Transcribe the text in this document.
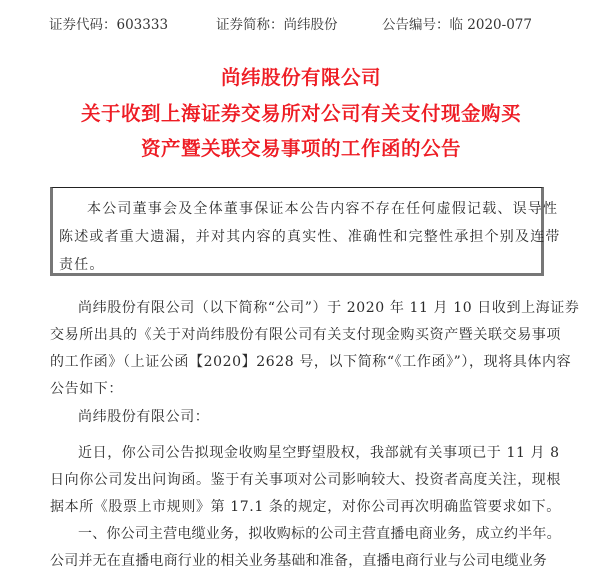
证券代码：603333	证券简称：尚纬股份	公告编号：临 2020-077
尚纬股份有限公司
关于收到上海证券交易所对公司有关支付现金购买
资产暨关联交易事项的工作函的公告
本公司董事会及全体董事保证本公告内容不存在任何虚假记载、误导性
陈述或者重大遗漏，并对其内容的真实性、准确性和完整性承担个别及连带
责任。
尚纬股份有限公司（以下简称“公司”）于 2020 年 11 月 10 日收到上海证券
交易所出具的《关于对尚纬股份有限公司有关支付现金购买资产暨关联交易事项
的工作函》（上证公函【2020】2628 号，以下简称“《工作函》”），现将具体内容
公告如下：
尚纬股份有限公司：
近日，你公司公告拟现金收购星空野望股权，我部就有关事项已于 11 月 8
日向你公司发出问询函。鉴于有关事项对公司影响较大、投资者高度关注，现根
据本所《股票上市规则》第 17.1 条的规定，对你公司再次明确监管要求如下。
一、你公司主营电缆业务，拟收购标的公司主营直播电商业务，成立约半年。
公司并无在直播电商行业的相关业务基础和准备，直播电商行业与公司电缆业务
